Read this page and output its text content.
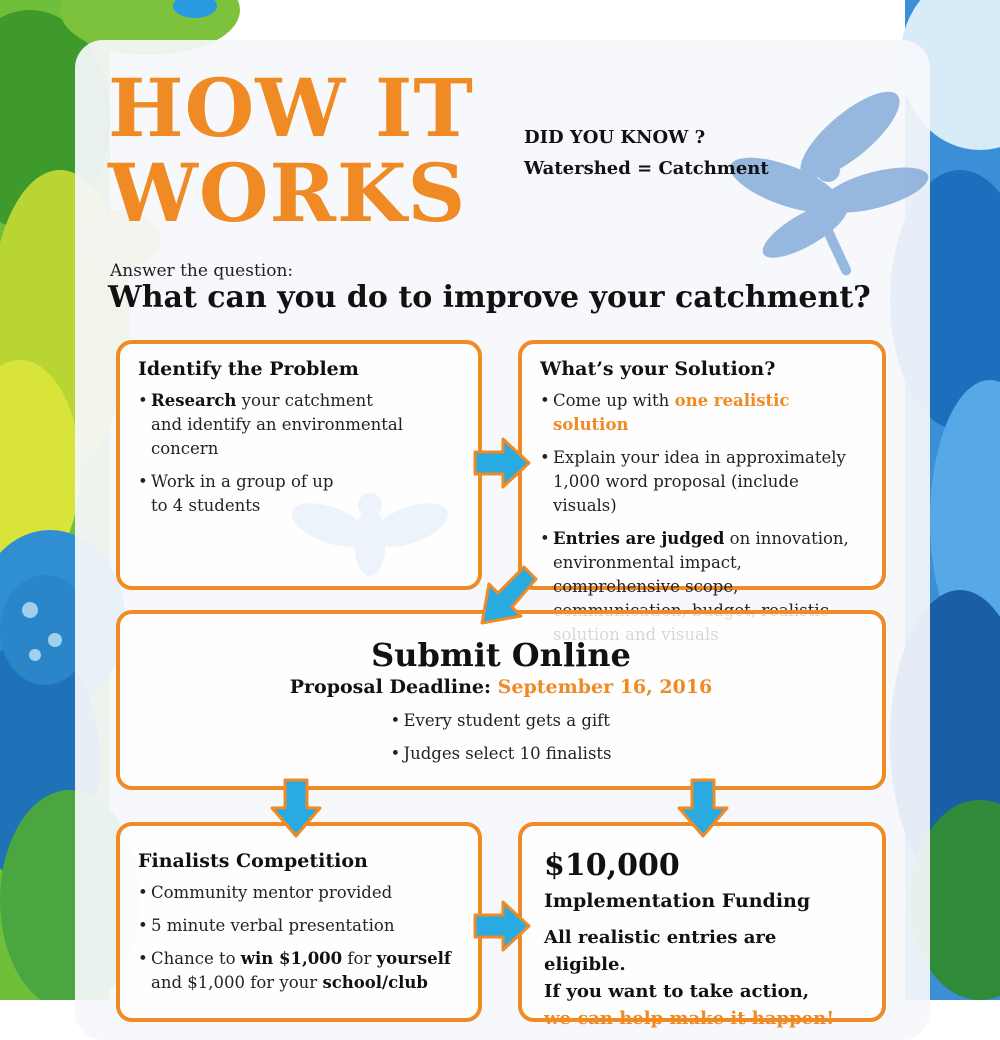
HOW IT
WORKS
DID YOU KNOW ?
Watershed = Catchment
Answer the question:
What can you do to improve your catchment?
Identify the Problem
• Research your catchment and identify an environmental concern
• Work in a group of up to 4 students
What’s your Solution?
• Come up with one realistic solution
• Explain your idea in approximately 1,000 word proposal (include visuals)
• Entries are judged on innovation, environmental impact, comprehensive scope,
Submit Online
Proposal Deadline: September 16, 2016
• Every student gets a gift
• Judges select 10 finalists
Finalists Competition
• Community mentor provided
• 5 minute verbal presentation
• Chance to win $1,000 for yourself
and $1,000 for your school/club
$10,000
Implementation Funding
All realistic entries are eligible.
If you want to take action,
we can help make it happen!
